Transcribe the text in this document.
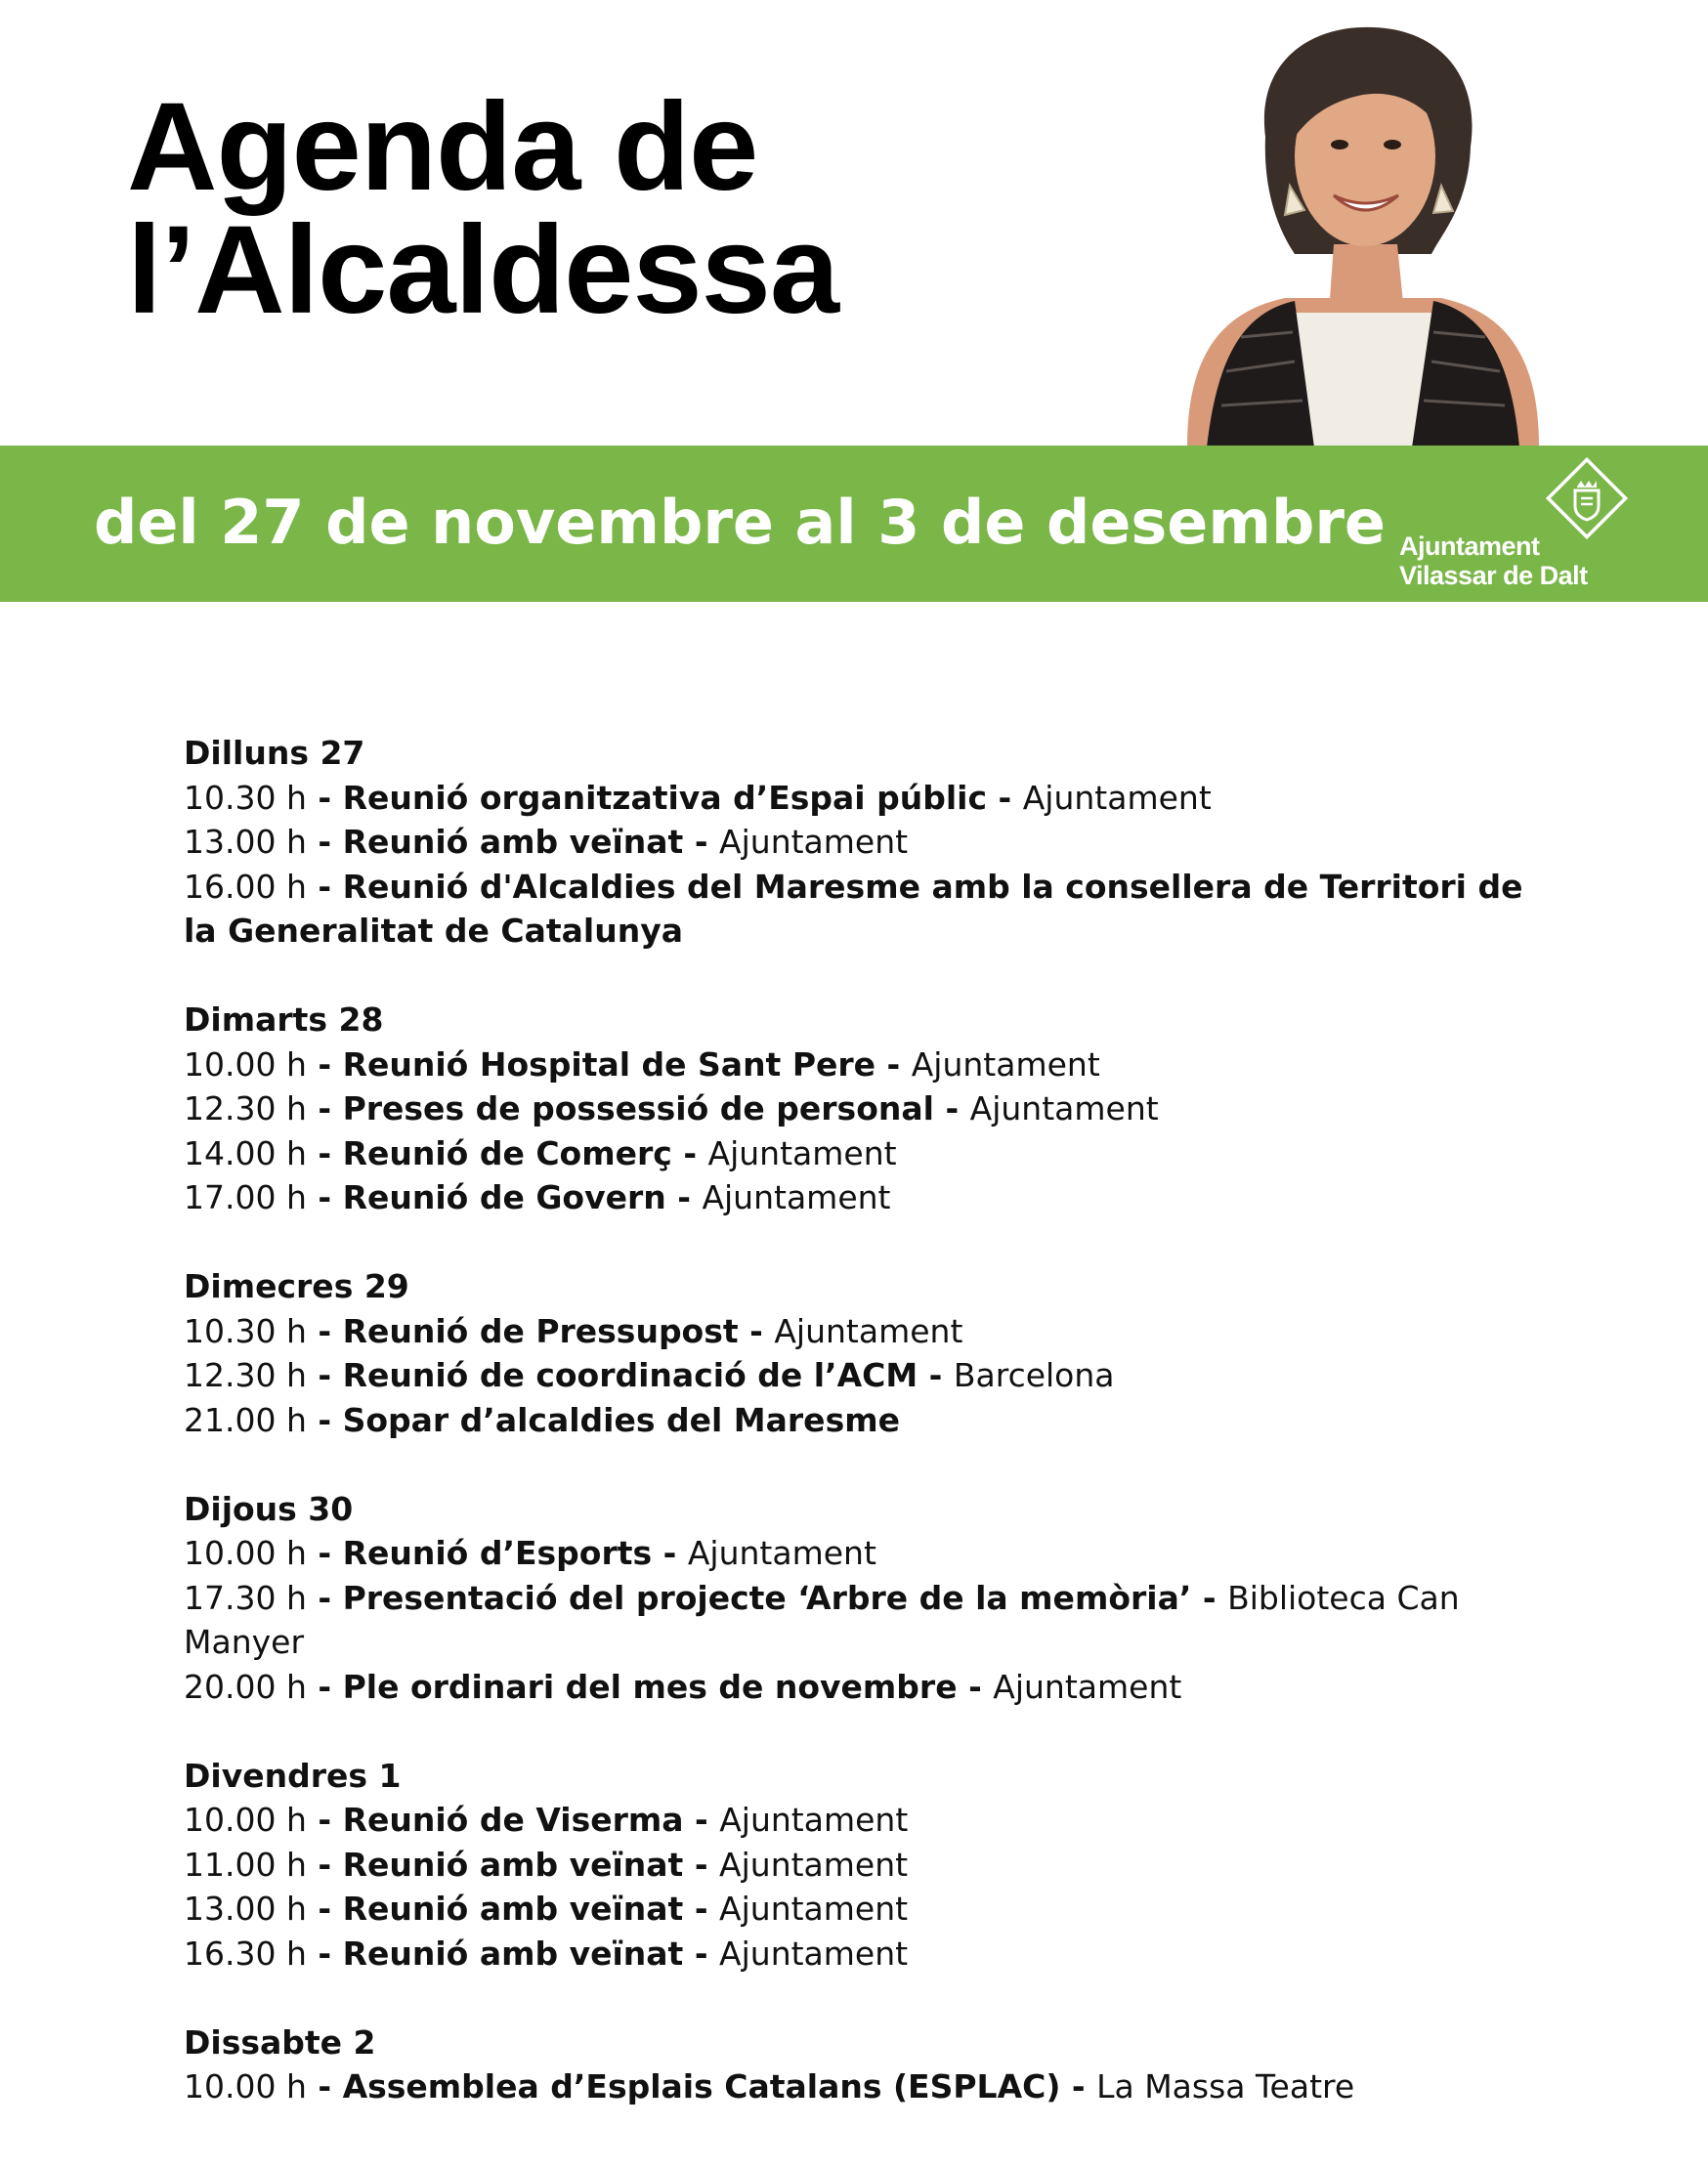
Agenda de
l’Alcaldessa
del 27 de novembre al 3 de desembre Ajuntament
Vilassar de Dalt
Dilluns 27
10.30 h - Reunió organitzativa d’Espai públic - Ajuntament
13.00 h - Reunió amb veïnat - Ajuntament
16.00 h - Reunió d'Alcaldies del Maresme amb la consellera de Territori de la Generalitat de Catalunya
Dimarts 28
10.00 h - Reunió Hospital de Sant Pere - Ajuntament
12.30 h - Preses de possessió de personal - Ajuntament
14.00 h - Reunió de Comerç - Ajuntament
17.00 h - Reunió de Govern - Ajuntament
Dimecres 29
10.30 h - Reunió de Pressupost - Ajuntament
12.30 h - Reunió de coordinació de l’ACM - Barcelona
21.00 h - Sopar d’alcaldies del Maresme
Dijous 30
10.00 h - Reunió d’Esports - Ajuntament
17.30 h - Presentació del projecte ‘Arbre de la memòria’ - Biblioteca Can Manyer
20.00 h - Ple ordinari del mes de novembre - Ajuntament
Divendres 1
10.00 h - Reunió de Viserma - Ajuntament
11.00 h - Reunió amb veïnat - Ajuntament
13.00 h - Reunió amb veïnat - Ajuntament
16.30 h - Reunió amb veïnat - Ajuntament
Dissabte 2
10.00 h - Assemblea d’Esplais Catalans (ESPLAC) - La Massa Teatre
